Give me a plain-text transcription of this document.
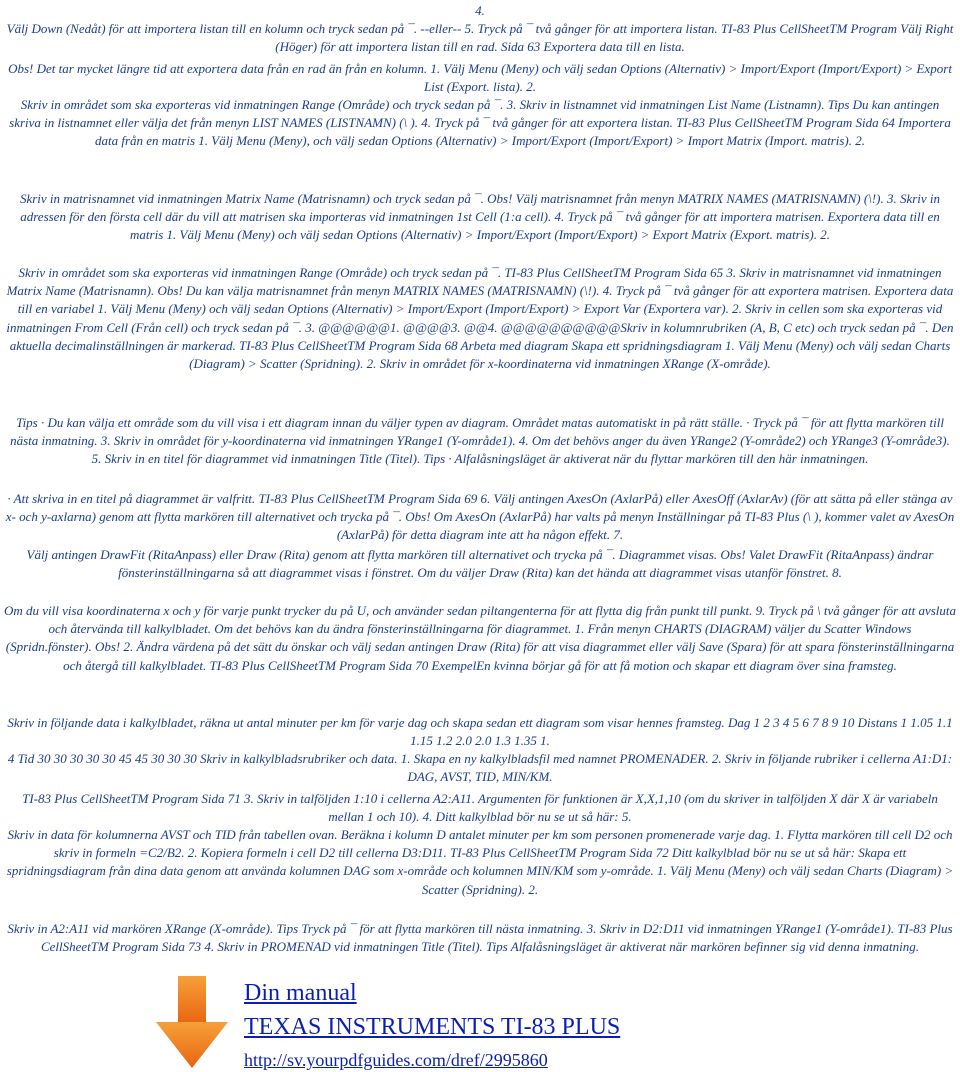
4.

Välj Down (Nedåt) för att importera listan till en kolumn och tryck sedan på ¯. --eller-- 5. Tryck på ¯ två gånger för att importera listan. TI-83 Plus CellSheetTM Program Välj Right (Höger) för att importera listan till en rad. Sida 63 Exportera data till en lista.

Obs! Det tar mycket längre tid att exportera data från en rad än från en kolumn. 1. Välj Menu (Meny) och välj sedan Options (Alternativ) > Import/Export (Import/Export) > Export List (Export. lista). 2.

Skriv in området som ska exporteras vid inmatningen Range (Område) och tryck sedan på ¯. 3. Skriv in listnamnet vid inmatningen List Name (Listnamn). Tips Du kan antingen skriva in listnamnet eller välja det från menyn LIST NAMES (LISTNAMN) (\ ). 4. Tryck på ¯ två gånger för att exportera listan. TI-83 Plus CellSheetTM Program Sida 64 Importera data från en matris 1. Välj Menu (Meny), och välj sedan Options (Alternativ) > Import/Export (Import/Export) > Import Matrix (Import. matris). 2.

Skriv in matrisnamnet vid inmatningen Matrix Name (Matrisnamn) och tryck sedan på ¯. Obs! Välj matrisnamnet från menyn MATRIX NAMES (MATRISNAMN) (\!). 3. Skriv in adressen för den första cell där du vill att matrisen ska importeras vid inmatningen 1st Cell (1:a cell). 4. Tryck på ¯ två gånger för att importera matrisen. Exportera data till en matris 1. Välj Menu (Meny) och välj sedan Options (Alternativ) > Import/Export (Import/Export) > Export Matrix (Export. matris). 2.

Skriv in området som ska exporteras vid inmatningen Range (Område) och tryck sedan på ¯. TI-83 Plus CellSheetTM Program Sida 65 3. Skriv in matrisnamnet vid inmatningen Matrix Name (Matrisnamn). Obs! Du kan välja matrisnamnet från menyn MATRIX NAMES (MATRISNAMN) (\!). 4. Tryck på ¯ två gånger för att exportera matrisen. Exportera data till en variabel 1. Välj Menu (Meny) och välj sedan Options (Alternativ) > Import/Export (Import/Export) > Export Var (Exportera var). 2. Skriv in cellen som ska exporteras vid inmatningen From Cell (Från cell) och tryck sedan på ¯. 3. @@@@@@1. @@@@3. @@4. @@@@@@@@@@Skriv in kolumnrubriken (A, B, C etc) och tryck sedan på ¯. Den aktuella decimalinställningen är markerad. TI-83 Plus CellSheetTM Program Sida 68 Arbeta med diagram Skapa ett spridningsdiagram 1. Välj Menu (Meny) och välj sedan Charts (Diagram) > Scatter (Spridning). 2. Skriv in området för x-koordinaterna vid inmatningen XRange (X-område).

Tips · Du kan välja ett område som du vill visa i ett diagram innan du väljer typen av diagram. Området matas automatiskt in på rätt ställe. · Tryck på ¯ för att flytta markören till nästa inmatning. 3. Skriv in området för y-koordinaterna vid inmatningen YRange1 (Y-område1). 4. Om det behövs anger du även YRange2 (Y-område2) och YRange3 (Y-område3). 5. Skriv in en titel för diagrammet vid inmatningen Title (Titel). Tips · Alfalåsningsläget är aktiverat när du flyttar markören till den här inmatningen.

· Att skriva in en titel på diagrammet är valfritt. TI-83 Plus CellSheetTM Program Sida 69 6. Välj antingen AxesOn (AxlarPå) eller AxesOff (AxlarAv) (för att sätta på eller stänga av x- och y-axlarna) genom att flytta markören till alternativet och trycka på ¯. Obs! Om AxesOn (AxlarPå) har valts på menyn Inställningar på TI-83 Plus (\ ), kommer valet av AxesOn (AxlarPå) för detta diagram inte att ha någon effekt. 7.

Välj antingen DrawFit (RitaAnpass) eller Draw (Rita) genom att flytta markören till alternativet och trycka på ¯. Diagrammet visas. Obs! Valet DrawFit (RitaAnpass) ändrar fönsterinställningarna så att diagrammet visas i fönstret. Om du väljer Draw (Rita) kan det hända att diagrammet visas utanför fönstret. 8.

Om du vill visa koordinaterna x och y för varje punkt trycker du på U, och använder sedan piltangenterna för att flytta dig från punkt till punkt. 9. Tryck på \ två gånger för att avsluta och återvända till kalkylbladet. Om det behövs kan du ändra fönsterinställningarna för diagrammet. 1. Från menyn CHARTS (DIAGRAM) väljer du Scatter Windows (Spridn.fönster). Obs! 2. Ändra värdena på det sätt du önskar och välj sedan antingen Draw (Rita) för att visa diagrammet eller välj Save (Spara) för att spara fönsterinställningarna och återgå till kalkylbladet. TI-83 Plus CellSheetTM Program Sida 70 ExempelEn kvinna börjar gå för att få motion och skapar ett diagram över sina framsteg.

Skriv in följande data i kalkylbladet, räkna ut antal minuter per km för varje dag och skapa sedan ett diagram som visar hennes framsteg. Dag 1 2 3 4 5 6 7 8 9 10 Distans 1 1.05 1.1 1.15 1.2 2.0 2.0 1.3 1.35 1.

4 Tid 30 30 30 30 30 45 45 30 30 30 Skriv in kalkylbladsrubriker och data. 1. Skapa en ny kalkylbladsfil med namnet PROMENADER. 2. Skriv in följande rubriker i cellerna A1:D1: DAG, AVST, TID, MIN/KM.

TI-83 Plus CellSheetTM Program Sida 71 3. Skriv in talföljden 1:10 i cellerna A2:A11. Argumenten för funktionen är X,X,1,10 (om du skriver in talföljden X där X är variabeln mellan 1 och 10). 4. Ditt kalkylblad bör nu se ut så här: 5.

Skriv in data för kolumnerna AVST och TID från tabellen ovan. Beräkna i kolumn D antalet minuter per km som personen promenerade varje dag. 1. Flytta markören till cell D2 och skriv in formeln =C2/B2. 2. Kopiera formeln i cell D2 till cellerna D3:D11. TI-83 Plus CellSheetTM Program Sida 72 Ditt kalkylblad bör nu se ut så här: Skapa ett spridningsdiagram från dina data genom att använda kolumnen DAG som x-område och kolumnen MIN/KM som y-område. 1. Välj Menu (Meny) och välj sedan Charts (Diagram) > Scatter (Spridning). 2.

Skriv in A2:A11 vid markören XRange (X-område). Tips Tryck på ¯ för att flytta markören till nästa inmatning. 3. Skriv in D2:D11 vid inmatningen YRange1 (Y-område1). TI-83 Plus CellSheetTM Program Sida 73 4. Skriv in PROMENAD vid inmatningen Title (Titel). Tips Alfalåsningsläget är aktiverat när markören befinner sig vid denna inmatning.

Din manual
TEXAS INSTRUMENTS TI-83 PLUS
http://sv.yourpdfguides.com/dref/2995860
